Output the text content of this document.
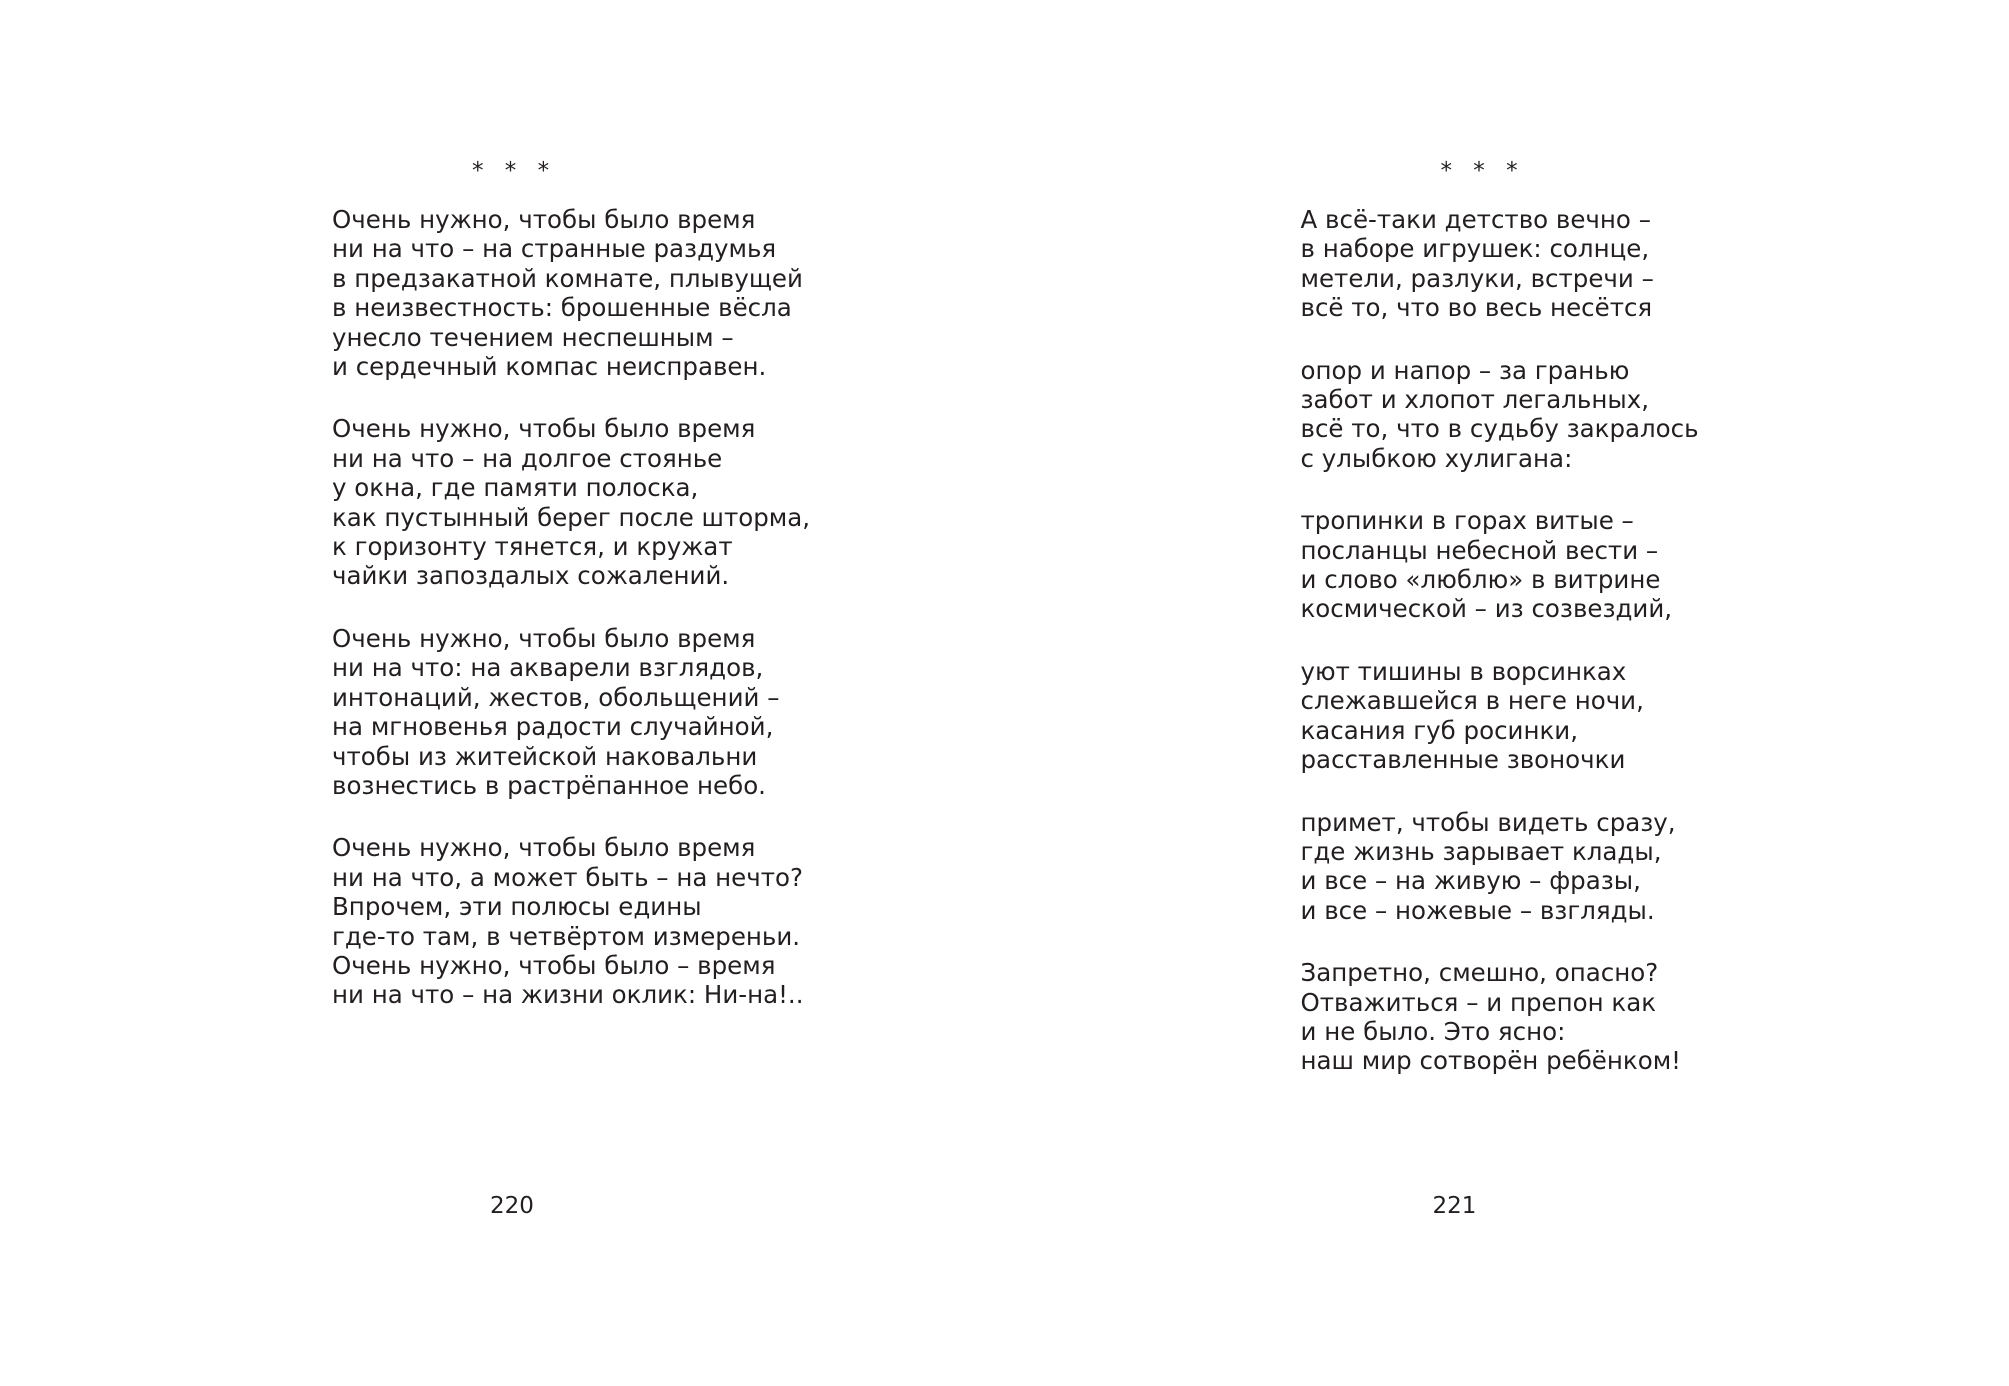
* * *
Очень нужно, чтобы было время
ни на что – на странные раздумья
в предзакатной комнате, плывущей
в неизвестность: брошенные вёсла
унесло течением неспешным –
и сердечный компас неисправен.
Очень нужно, чтобы было время
ни на что – на долгое стоянье
у окна, где памяти полоска,
как пустынный берег после шторма,
к горизонту тянется, и кружат
чайки запоздалых сожалений.
Очень нужно, чтобы было время
ни на что: на акварели взглядов,
интонаций, жестов, обольщений –
на мгновенья радости случайной,
чтобы из житейской наковальни
вознестись в растрёпанное небо.
Очень нужно, чтобы было время
ни на что, а может быть – на нечто?
Впрочем, эти полюсы едины
где-то там, в четвёртом измереньи.
Очень нужно, чтобы было – время
ни на что – на жизни оклик: Ни-на!..
220
* * *
А всё-таки детство вечно –
в наборе игрушек: солнце,
метели, разлуки, встречи –
всё то, что во весь несётся
опор и напор – за гранью
забот и хлопот легальных,
всё то, что в судьбу закралось
с улыбкою хулигана:
тропинки в горах витые –
посланцы небесной вести –
и слово «люблю» в витрине
космической – из созвездий,
уют тишины в ворсинках
слежавшейся в неге ночи,
касания губ росинки,
расставленные звоночки
примет, чтобы видеть сразу,
где жизнь зарывает клады,
и все – на живую – фразы,
и все – ножевые – взгляды.
Запретно, смешно, опасно?
Отважиться – и препон как
и не было. Это ясно:
наш мир сотворён ребёнком!
221
